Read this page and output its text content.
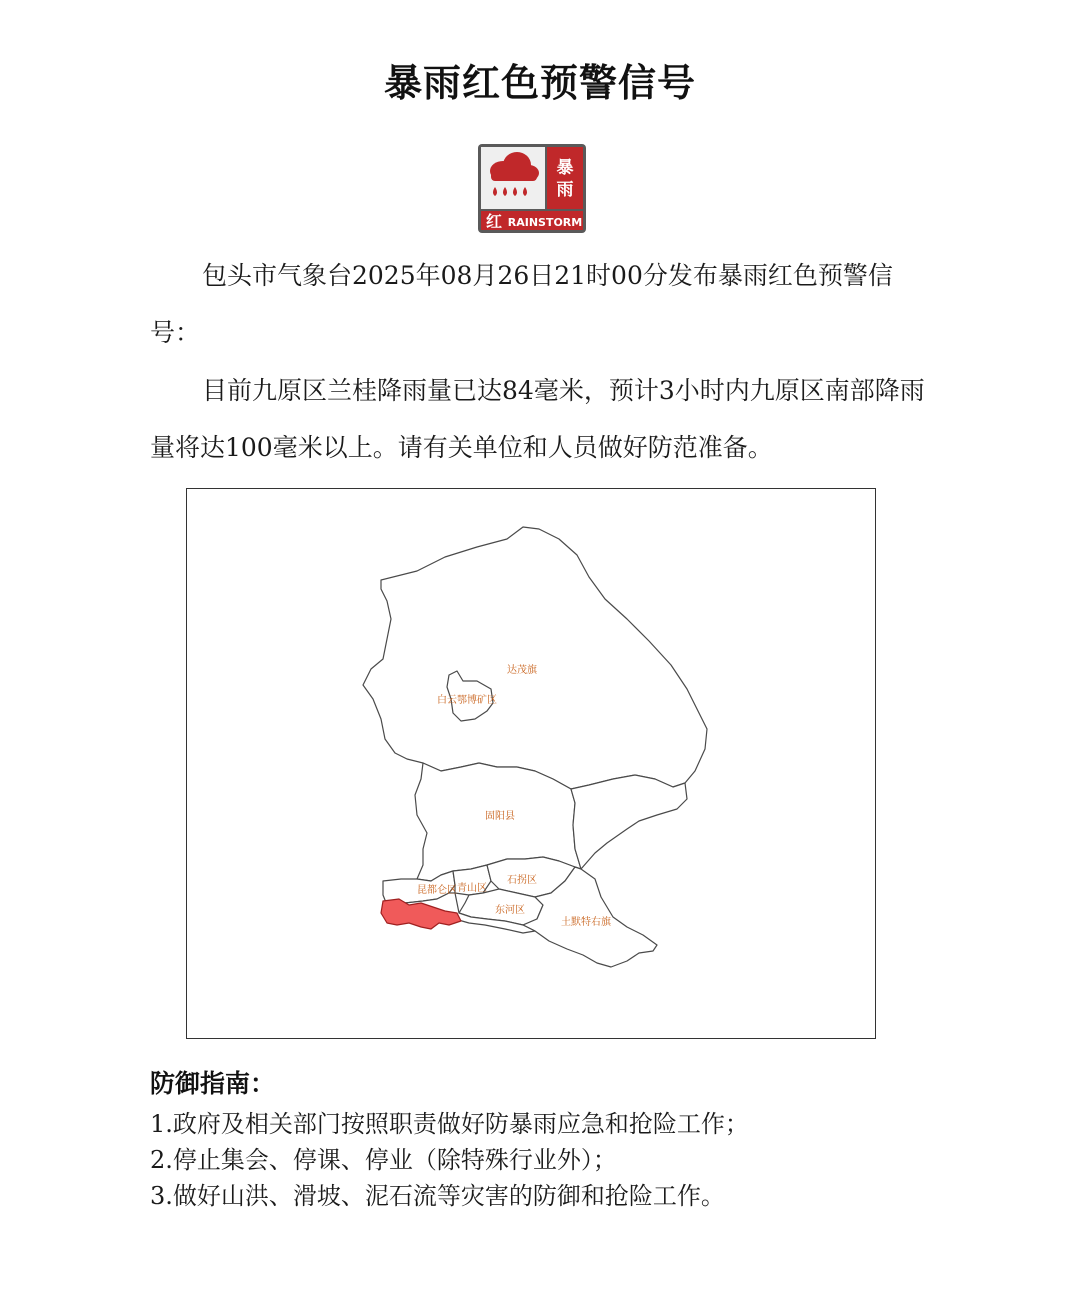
暴雨红色预警信号
暴
雨
红 RAINSTORM

包头市气象台2025年08月26日21时00分发布暴雨红色预警信号：

目前九原区兰桂降雨量已达84毫米，预计3小时内九原区南部降雨量将达100毫米以上。请有关单位和人员做好防范准备。

达茂旗
白云鄂博矿区
固阳县
昆都仑区 青山区
石拐区
东河区
土默特右旗
防御指南：
1.政府及相关部门按照职责做好防暴雨应急和抢险工作；
2.停止集会、停课、停业（除特殊行业外）；
3.做好山洪、滑坡、泥石流等灾害的防御和抢险工作。
